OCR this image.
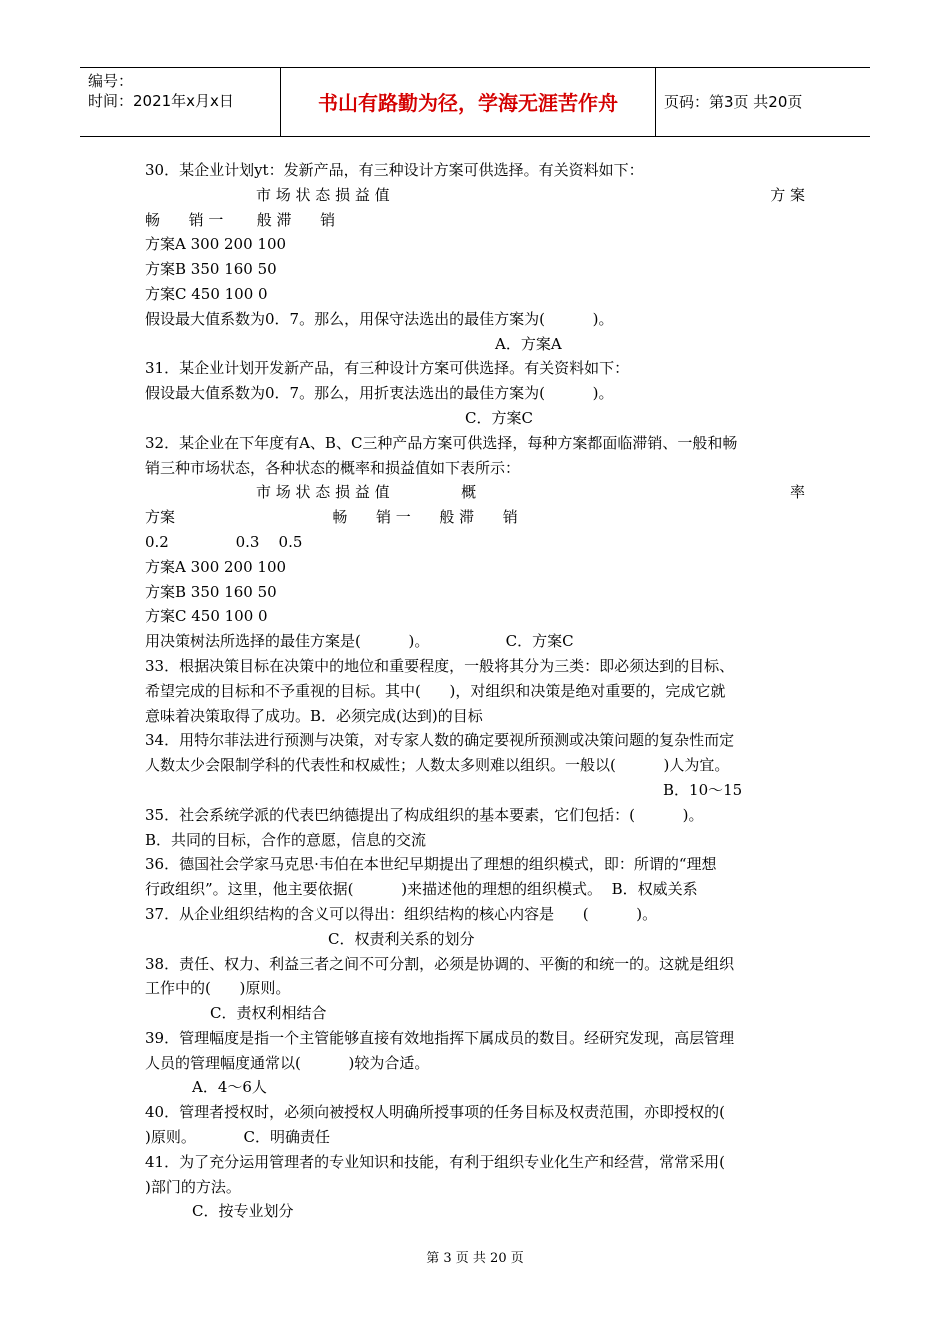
编号：
时间：2021年x月x日	书山有路勤为径，学海无涯苦作舟	页码：第3页 共20页
30．某企业计划yt：发新产品，有三种设计方案可供选择。有关资料如下：
市 场 状 态 损 益 值	方 案
畅      销 一       般 滞      销
方案A 300 200 100
方案B 350 160 50
方案C 450 100 0
假设最大值系数为0．7。那么，用保守法选出的最佳方案为(          )。
A．方案A
31．某企业计划开发新产品，有三种设计方案可供选择。有关资料如下：
假设最大值系数为0．7。那么，用折衷法选出的最佳方案为(          )。
C．方案C
32．某企业在下年度有A、B、C三种产品方案可供选择，每种方案都面临滞销、一般和畅
销三种市场状态，各种状态的概率和损益值如下表所示：
市 场 状 态 损 益 值               概	率
方案                                 畅      销 一      般 滞      销
0.2              0.3    0.5
方案A 300 200 100
方案B 350 160 50
方案C 450 100 0
用决策树法所选择的最佳方案是(          )。                C．方案C
33．根据决策目标在决策中的地位和重要程度，一般将其分为三类：即必须达到的目标、
希望完成的目标和不予重视的目标。其中(      )，对组织和决策是绝对重要的，完成它就
意味着决策取得了成功。B．必须完成(达到)的目标
34．用特尔菲法进行预测与决策，对专家人数的确定要视所预测或决策问题的复杂性而定
人数太少会限制学科的代表性和权威性；人数太多则难以组织。一般以(          )人为宜。
B．10～15
35．社会系统学派的代表巴纳德提出了构成组织的基本要素，它们包括：(          )。
B．共同的目标，合作的意愿，信息的交流
36．德国社会学家马克思·韦伯在本世纪早期提出了理想的组织模式，即：所谓的“理想
行政组织”。这里，他主要依据(          )来描述他的理想的组织模式。  B．权威关系
37．从企业组织结构的含义可以得出：组织结构的核心内容是      (          )。
C．权责利关系的划分
38．责任、权力、利益三者之间不可分割，必须是协调的、平衡的和统一的。这就是组织
工作中的(      )原则。
C．责权利相结合
39．管理幅度是指一个主管能够直接有效地指挥下属成员的数目。经研究发现，高层管理
人员的管理幅度通常以(          )较为合适。
A．4～6人
40．管理者授权时，必须向被授权人明确所授事项的任务目标及权责范围，亦即授权的(
)原则。          C．明确责任
41．为了充分运用管理者的专业知识和技能，有利于组织专业化生产和经营，常常采用(
)部门的方法。
C．按专业划分
第 3 页 共 20 页
